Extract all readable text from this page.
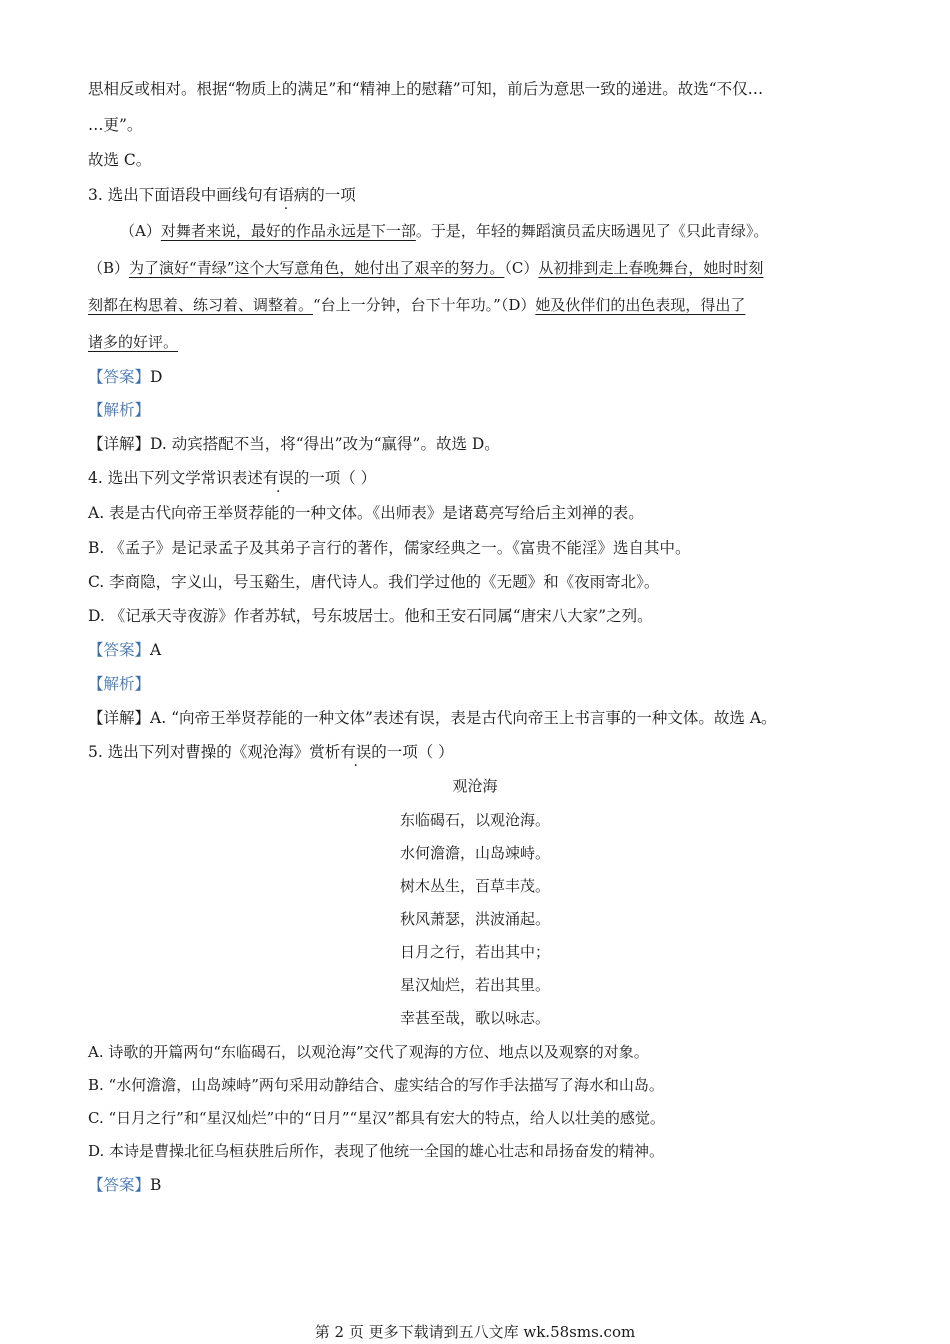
思相反或相对。根据“物质上的满足”和“精神上的慰藉”可知，前后为意思一致的递进。故选“不仅…
…更”。
故选 C。
3. 选出下面语段中画线句有语病的一项
（A）对舞者来说，最好的作品永远是下一部。于是，年轻的舞蹈演员孟庆旸遇见了《只此青绿》。
（B）为了演好“青绿”这个大写意角色，她付出了艰辛的努力。（C）从初排到走上春晚舞台，她时时刻
刻都在构思着、练习着、调整着。“台上一分钟，台下十年功。”（D）她及伙伴们的出色表现，得出了
诸多的好评。
【答案】D
【解析】
【详解】D. 动宾搭配不当，将“得出”改为“赢得”。故选 D。
4. 选出下列文学常识表述有误的一项（ ）
A. 表是古代向帝王举贤荐能的一种文体。《出师表》是诸葛亮写给后主刘禅的表。
B. 《孟子》是记录孟子及其弟子言行的著作，儒家经典之一。《富贵不能淫》选自其中。
C. 李商隐，字义山，号玉谿生，唐代诗人。我们学过他的《无题》和《夜雨寄北》。
D. 《记承天寺夜游》作者苏轼，号东坡居士。他和王安石同属“唐宋八大家”之列。
【答案】A
【解析】
【详解】A. “向帝王举贤荐能的一种文体”表述有误，表是古代向帝王上书言事的一种文体。故选 A。
5. 选出下列对曹操的《观沧海》赏析有误的一项（ ）
观沧海
东临碣石，以观沧海。
水何澹澹，山岛竦峙。
树木丛生，百草丰茂。
秋风萧瑟，洪波涌起。
日月之行，若出其中；
星汉灿烂，若出其里。
幸甚至哉，歌以咏志。
A. 诗歌的开篇两句“东临碣石，以观沧海”交代了观海的方位、地点以及观察的对象。
B. “水何澹澹，山岛竦峙”两句采用动静结合、虚实结合的写作手法描写了海水和山岛。
C. “日月之行”和“星汉灿烂”中的“日月”“星汉”都具有宏大的特点，给人以壮美的感觉。
D. 本诗是曹操北征乌桓获胜后所作，表现了他统一全国的雄心壮志和昂扬奋发的精神。
【答案】B
第 2 页 更多下载请到五八文库 wk.58sms.com
